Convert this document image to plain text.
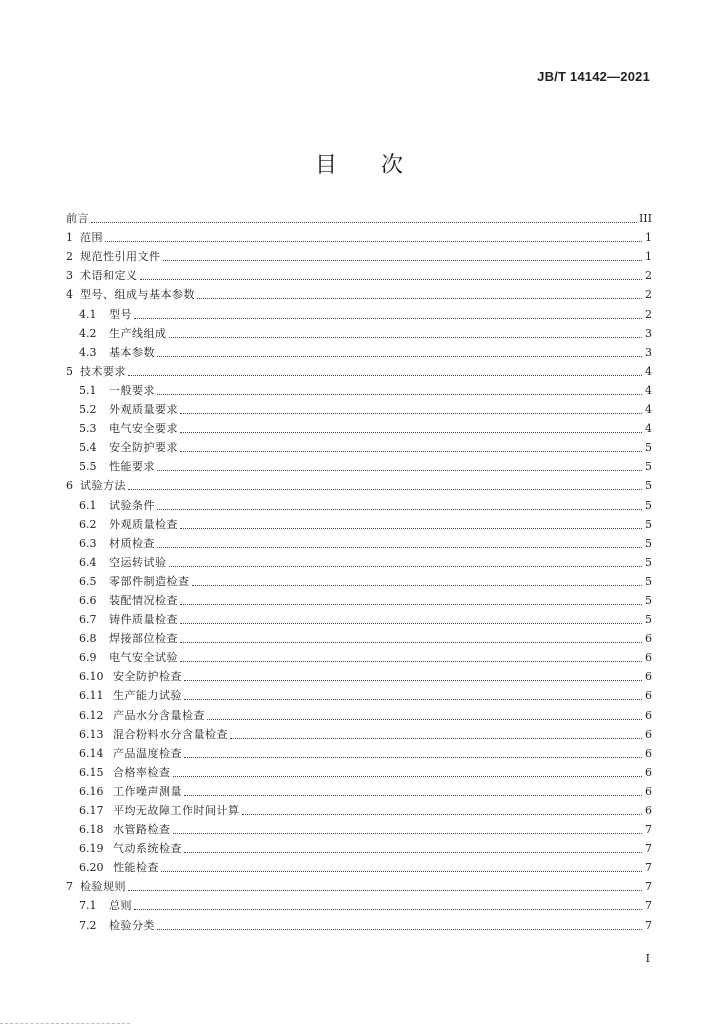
JB/T 14142—2021
目 次
前言	III
1 范围	1
2 规范性引用文件	1
3 术语和定义	2
4 型号、组成与基本参数	2
4.1	型号	2
4.2	生产线组成	3
4.3	基本参数	3
5 技术要求	4
5.1	一般要求	4
5.2	外观质量要求	4
5.3	电气安全要求	4
5.4	安全防护要求	5
5.5	性能要求	5
6 试验方法	5
6.1	试验条件	5
6.2	外观质量检查	5
6.3	材质检查	5
6.4	空运转试验	5
6.5	零部件制造检查	5
6.6	装配情况检查	5
6.7	铸件质量检查	5
6.8	焊接部位检查	6
6.9	电气安全试验	6
6.10 安全防护检查	6
6.11 生产能力试验	6
6.12 产品水分含量检查	6
6.13 混合粉料水分含量检查	6
6.14 产品温度检查	6
6.15 合格率检查	6
6.16 工作噪声测量	6
6.17 平均无故障工作时间计算	6
6.18 水管路检查	7
6.19 气动系统检查	7
6.20 性能检查	7
7 检验规则	7
7.1	总则	7
7.2	检验分类	7
I
